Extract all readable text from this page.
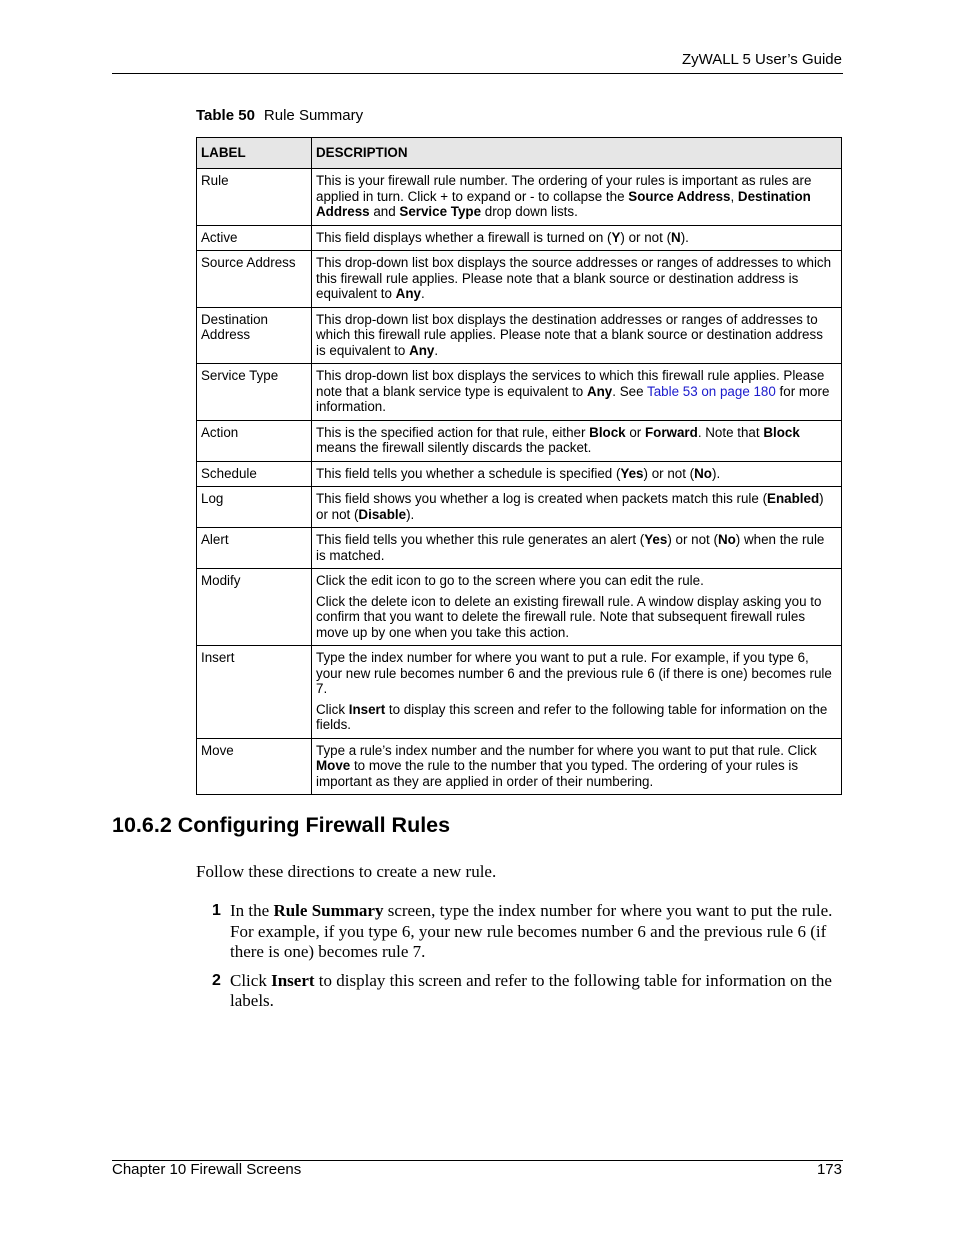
ZyWALL 5 User’s Guide
Table 50 Rule Summary
LABEL	DESCRIPTION
Rule	This is your firewall rule number. The ordering of your rules is important as rules are applied in turn. Click + to expand or - to collapse the Source Address, Destination Address and Service Type drop down lists.

Active	This field displays whether a firewall is turned on (Y) or not (N).

Source Address	This drop-down list box displays the source addresses or ranges of addresses to which this firewall rule applies. Please note that a blank source or destination address is equivalent to Any.

Destination Address	This drop-down list box displays the destination addresses or ranges of addresses to which this firewall rule applies. Please note that a blank source or destination address is equivalent to Any.

Service Type	This drop-down list box displays the services to which this firewall rule applies. Please note that a blank service type is equivalent to Any. See Table 53 on page 180 for more information.

Action	This is the specified action for that rule, either Block or Forward. Note that Block means the firewall silently discards the packet.

Schedule	This field tells you whether a schedule is specified (Yes) or not (No).

Log	This field shows you whether a log is created when packets match this rule (Enabled) or not (Disable).

Alert	This field tells you whether this rule generates an alert (Yes) or not (No) when the rule is matched.

Modify	Click the edit icon to go to the screen where you can edit the rule.

Click the delete icon to delete an existing firewall rule. A window display asking you to confirm that you want to delete the firewall rule. Note that subsequent firewall rules move up by one when you take this action.

Insert	Type the index number for where you want to put a rule. For example, if you type 6, your new rule becomes number 6 and the previous rule 6 (if there is one) becomes rule 7.

Click Insert to display this screen and refer to the following table for information on the fields.

Move	Type a rule’s index number and the number for where you want to put that rule. Click Move to move the rule to the number that you typed. The ordering of your rules is important as they are applied in order of their numbering.

10.6.2 Configuring Firewall Rules
Follow these directions to create a new rule.
1 In the Rule Summary screen, type the index number for where you want to put the rule. For example, if you type 6, your new rule becomes number 6 and the previous rule 6 (if there is one) becomes rule 7.
2 Click Insert to display this screen and refer to the following table for information on the labels.
Chapter 10 Firewall Screens	173
